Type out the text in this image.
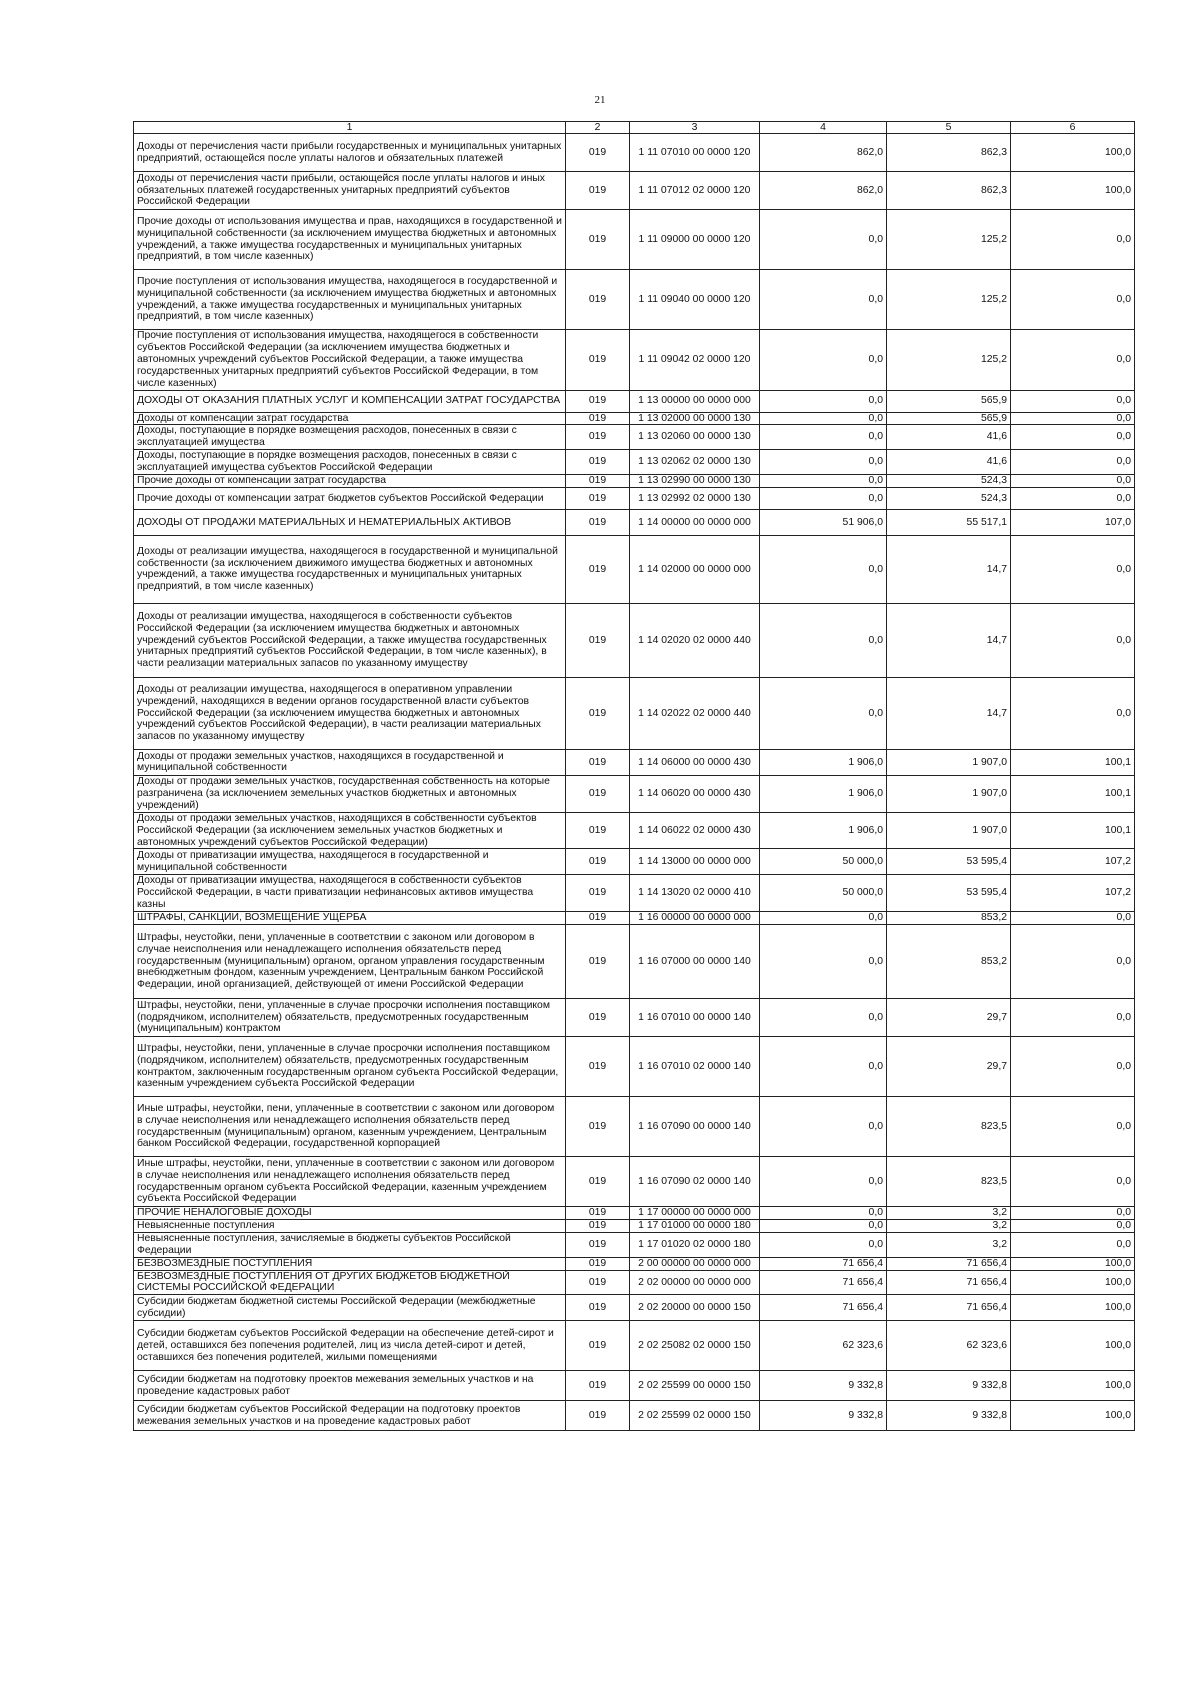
21
1	2	3	4	5	6
Доходы от перечисления части прибыли государственных и муниципальных унитарных предприятий, остающейся после уплаты налогов и обязательных платежей	019	1 11 07010 00 0000 120	862,0	862,3	100,0
Доходы от перечисления части прибыли, остающейся после уплаты налогов и иных обязательных платежей государственных унитарных предприятий субъектов Российской Федерации	019	1 11 07012 02 0000 120	862,0	862,3	100,0
Прочие доходы от использования имущества и прав, находящихся в государственной и муниципальной собственности (за исключением имущества бюджетных и автономных учреждений, а также имущества государственных и муниципальных унитарных предприятий, в том числе казенных)	019	1 11 09000 00 0000 120	0,0	125,2	0,0
Прочие поступления от использования имущества, находящегося в государственной и муниципальной собственности (за исключением имущества бюджетных и автономных учреждений, а также имущества государственных и муниципальных унитарных предприятий, в том числе казенных)	019	1 11 09040 00 0000 120	0,0	125,2	0,0
Прочие поступления от использования имущества, находящегося в собственности субъектов Российской Федерации (за исключением имущества бюджетных и автономных учреждений субъектов Российской Федерации, а также имущества государственных унитарных предприятий субъектов Российской Федерации, в том числе казенных)	019	1 11 09042 02 0000 120	0,0	125,2	0,0
ДОХОДЫ ОТ ОКАЗАНИЯ ПЛАТНЫХ УСЛУГ И КОМПЕНСАЦИИ ЗАТРАТ ГОСУДАРСТВА	019	1 13 00000 00 0000 000	0,0	565,9	0,0
Доходы от компенсации затрат государства	019	1 13 02000 00 0000 130	0,0	565,9	0,0
Доходы, поступающие в порядке возмещения расходов, понесенных в связи с эксплуатацией имущества	019	1 13 02060 00 0000 130	0,0	41,6	0,0
Доходы, поступающие в порядке возмещения расходов, понесенных в связи с эксплуатацией имущества субъектов Российской Федерации	019	1 13 02062 02 0000 130	0,0	41,6	0,0
Прочие доходы от компенсации затрат государства	019	1 13 02990 00 0000 130	0,0	524,3	0,0
Прочие доходы от компенсации затрат бюджетов субъектов Российской Федерации	019	1 13 02992 02 0000 130	0,0	524,3	0,0
ДОХОДЫ ОТ ПРОДАЖИ МАТЕРИАЛЬНЫХ И НЕМАТЕРИАЛЬНЫХ АКТИВОВ	019	1 14 00000 00 0000 000	51 906,0	55 517,1	107,0
Доходы от реализации имущества, находящегося в государственной и муниципальной собственности (за исключением движимого имущества бюджетных и автономных учреждений, а также имущества государственных и муниципальных унитарных предприятий, в том числе казенных)	019	1 14 02000 00 0000 000	0,0	14,7	0,0
Доходы от реализации имущества, находящегося в собственности субъектов Российской Федерации (за исключением имущества бюджетных и автономных учреждений субъектов Российской Федерации, а также имущества государственных унитарных предприятий субъектов Российской Федерации, в том числе казенных), в части реализации материальных запасов по указанному имуществу	019	1 14 02020 02 0000 440	0,0	14,7	0,0
Доходы от реализации имущества, находящегося в оперативном управлении учреждений, находящихся в ведении органов государственной власти субъектов Российской Федерации (за исключением имущества бюджетных и автономных учреждений субъектов Российской Федерации), в части реализации материальных запасов по указанному имуществу	019	1 14 02022 02 0000 440	0,0	14,7	0,0
Доходы от продажи земельных участков, находящихся в государственной и муниципальной собственности	019	1 14 06000 00 0000 430	1 906,0	1 907,0	100,1
Доходы от продажи земельных участков, государственная собственность на которые разграничена (за исключением земельных участков бюджетных и автономных учреждений)	019	1 14 06020 00 0000 430	1 906,0	1 907,0	100,1
Доходы от продажи земельных участков, находящихся в собственности субъектов Российской Федерации (за исключением земельных участков бюджетных и автономных учреждений субъектов Российской Федерации)	019	1 14 06022 02 0000 430	1 906,0	1 907,0	100,1
Доходы от приватизации имущества, находящегося в государственной и муниципальной собственности	019	1 14 13000 00 0000 000	50 000,0	53 595,4	107,2
Доходы от приватизации имущества, находящегося в собственности субъектов Российской Федерации, в части приватизации нефинансовых активов имущества казны	019	1 14 13020 02 0000 410	50 000,0	53 595,4	107,2
ШТРАФЫ, САНКЦИИ, ВОЗМЕЩЕНИЕ УЩЕРБА	019	1 16 00000 00 0000 000	0,0	853,2	0,0
Штрафы, неустойки, пени, уплаченные в соответствии с законом или договором в случае неисполнения или ненадлежащего исполнения обязательств перед государственным (муниципальным) органом, органом управления государственным внебюджетным фондом, казенным учреждением, Центральным банком Российской Федерации, иной организацией, действующей от имени Российской Федерации	019	1 16 07000 00 0000 140	0,0	853,2	0,0
Штрафы, неустойки, пени, уплаченные в случае просрочки исполнения поставщиком (подрядчиком, исполнителем) обязательств, предусмотренных государственным (муниципальным) контрактом	019	1 16 07010 00 0000 140	0,0	29,7	0,0
Штрафы, неустойки, пени, уплаченные в случае просрочки исполнения поставщиком (подрядчиком, исполнителем) обязательств, предусмотренных государственным контрактом, заключенным государственным органом субъекта Российской Федерации, казенным учреждением субъекта Российской Федерации	019	1 16 07010 02 0000 140	0,0	29,7	0,0
Иные штрафы, неустойки, пени, уплаченные в соответствии с законом или договором в случае неисполнения или ненадлежащего исполнения обязательств перед государственным (муниципальным) органом, казенным учреждением, Центральным банком Российской Федерации, государственной корпорацией	019	1 16 07090 00 0000 140	0,0	823,5	0,0
Иные штрафы, неустойки, пени, уплаченные в соответствии с законом или договором в случае неисполнения или ненадлежащего исполнения обязательств перед государственным органом субъекта Российской Федерации, казенным учреждением субъекта Российской Федерации	019	1 16 07090 02 0000 140	0,0	823,5	0,0
ПРОЧИЕ НЕНАЛОГОВЫЕ ДОХОДЫ	019	1 17 00000 00 0000 000	0,0	3,2	0,0
Невыясненные поступления	019	1 17 01000 00 0000 180	0,0	3,2	0,0
Невыясненные поступления, зачисляемые в бюджеты субъектов Российской Федерации	019	1 17 01020 02 0000 180	0,0	3,2	0,0
БЕЗВОЗМЕЗДНЫЕ ПОСТУПЛЕНИЯ	019	2 00 00000 00 0000 000	71 656,4	71 656,4	100,0
БЕЗВОЗМЕЗДНЫЕ ПОСТУПЛЕНИЯ ОТ ДРУГИХ БЮДЖЕТОВ БЮДЖЕТНОЙ СИСТЕМЫ РОССИЙСКОЙ ФЕДЕРАЦИИ	019	2 02 00000 00 0000 000	71 656,4	71 656,4	100,0
Субсидии бюджетам бюджетной системы Российской Федерации (межбюджетные субсидии)	019	2 02 20000 00 0000 150	71 656,4	71 656,4	100,0
Субсидии бюджетам субъектов Российской Федерации на обеспечение детей-сирот и детей, оставшихся без попечения родителей, лиц из числа детей-сирот и детей, оставшихся без попечения родителей, жилыми помещениями	019	2 02 25082 02 0000 150	62 323,6	62 323,6	100,0
Субсидии бюджетам на подготовку проектов межевания земельных участков и на проведение кадастровых работ	019	2 02 25599 00 0000 150	9 332,8	9 332,8	100,0
Субсидии бюджетам субъектов Российской Федерации на подготовку проектов межевания земельных участков и на проведение кадастровых работ	019	2 02 25599 02 0000 150	9 332,8	9 332,8	100,0
